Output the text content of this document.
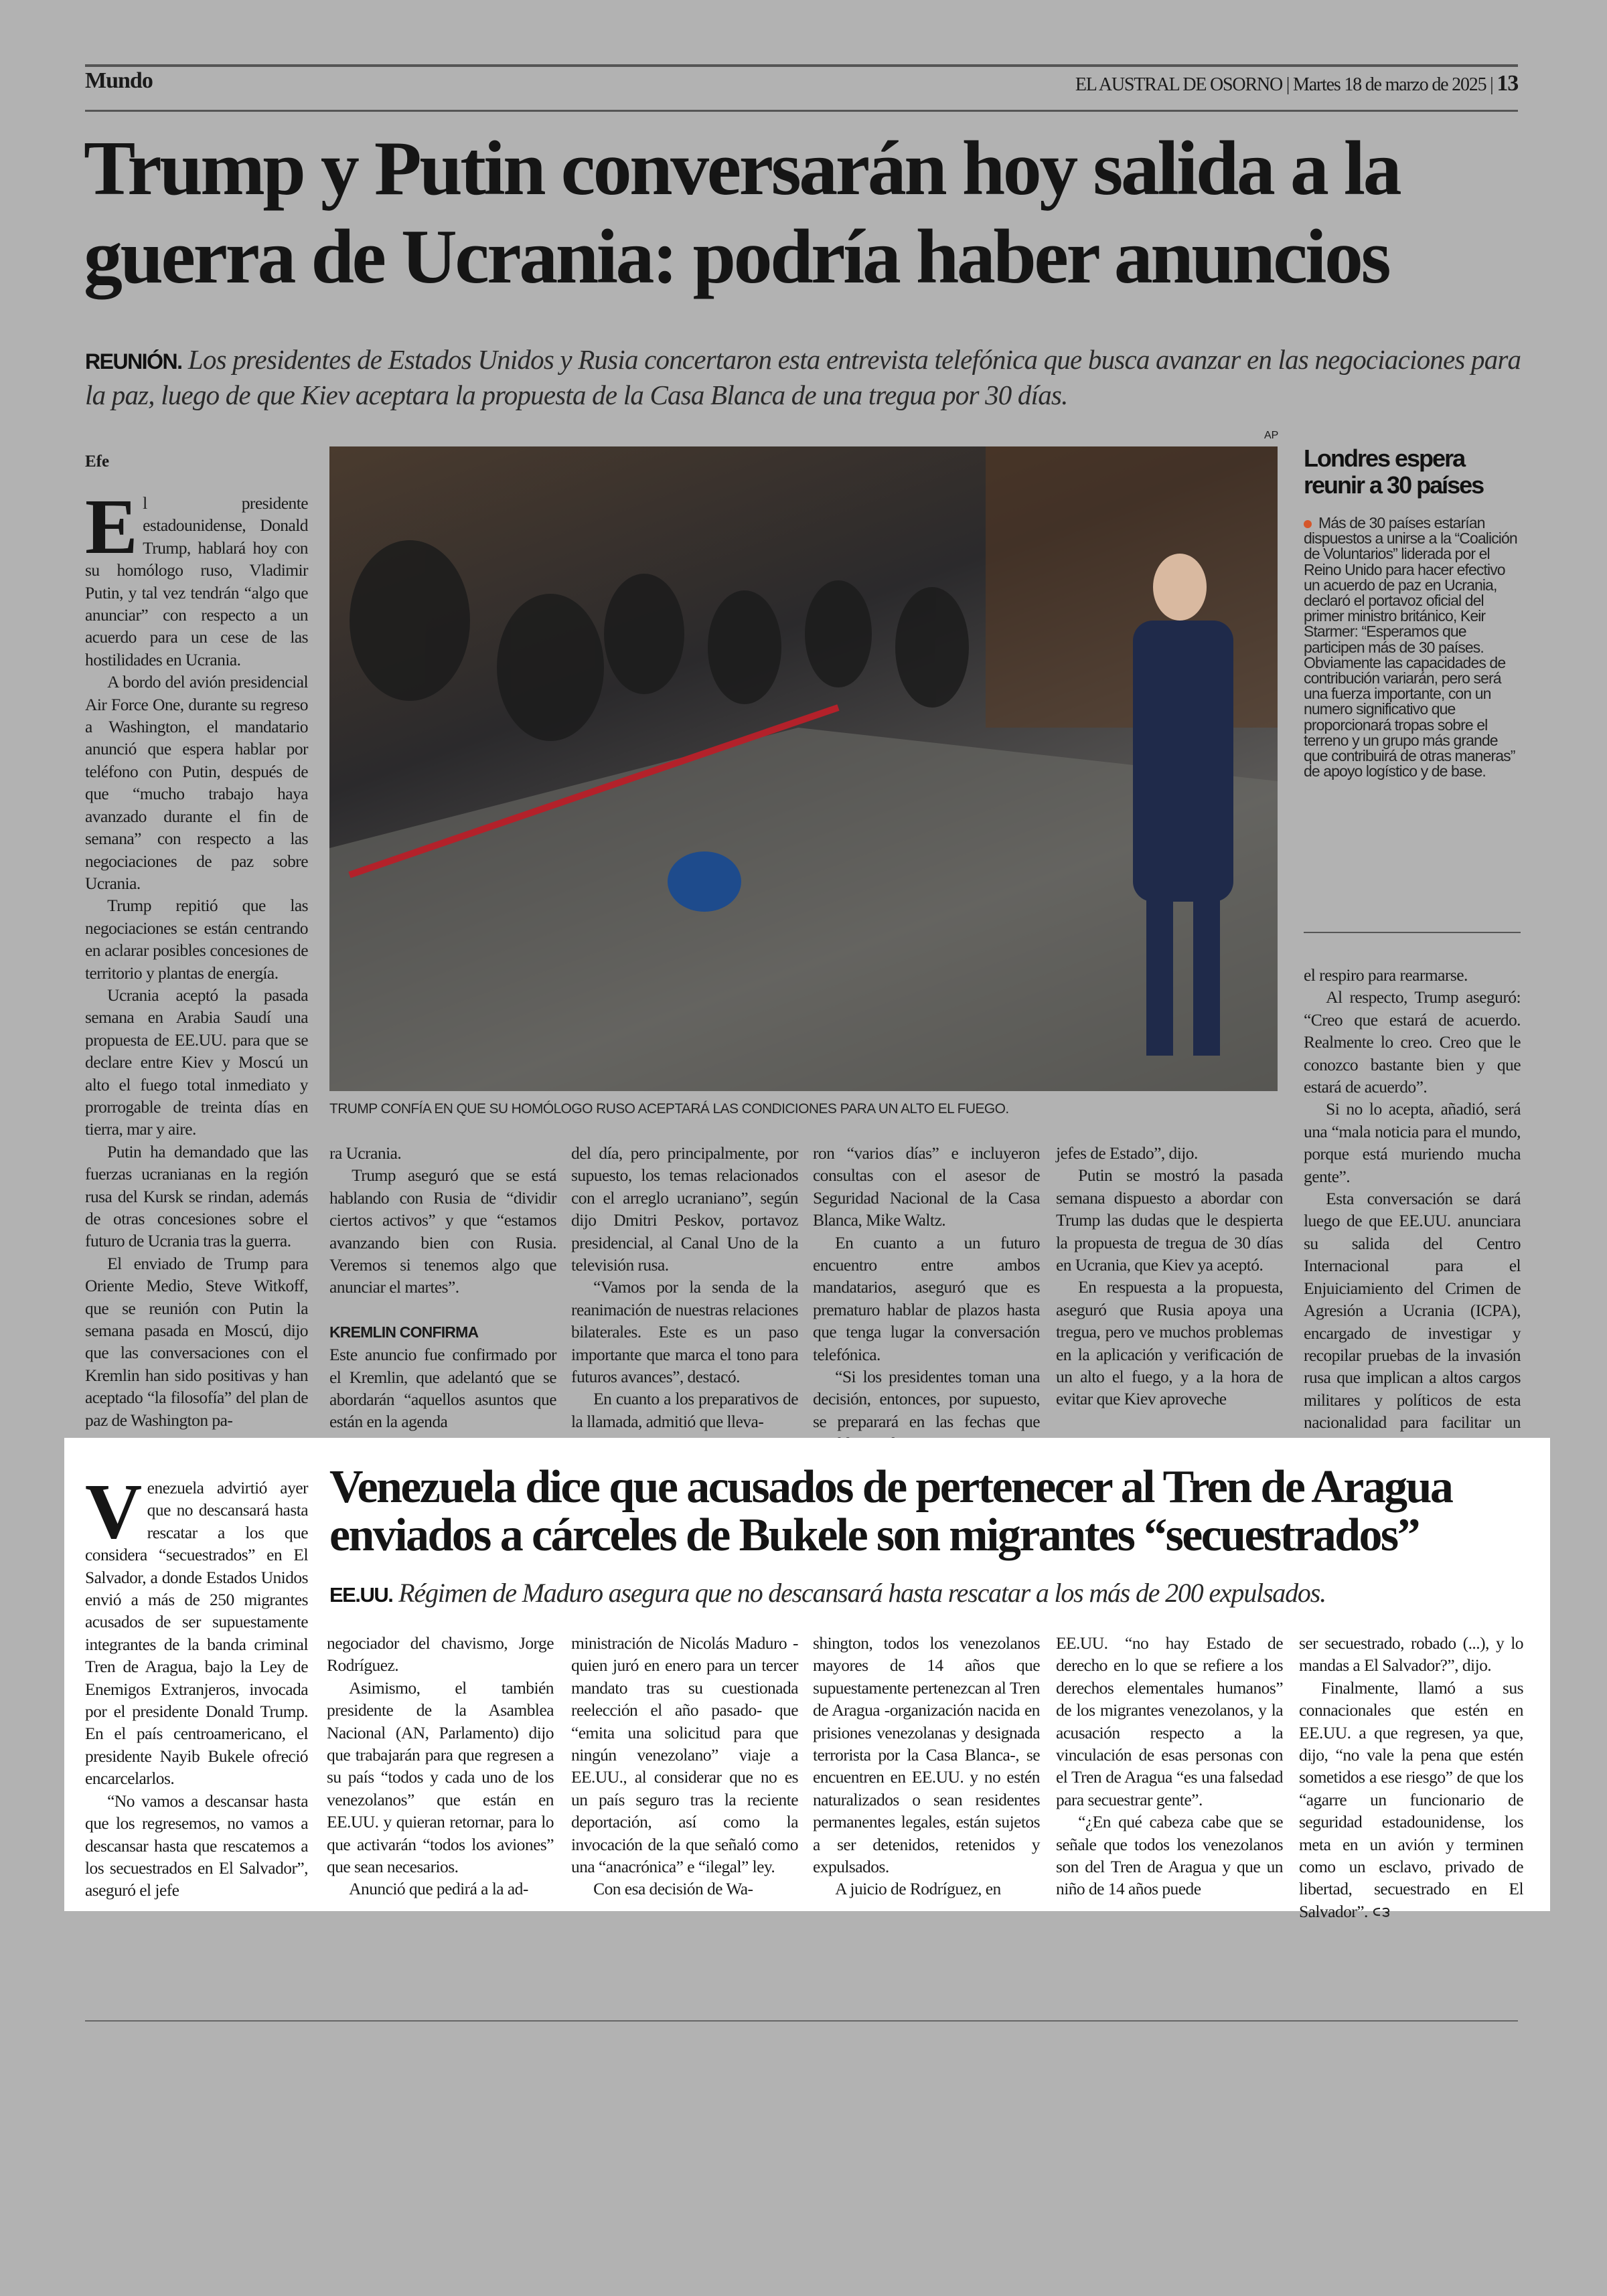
Mundo	EL AUSTRAL DE OSORNO | Martes 18 de marzo de 2025 | 13
Trump y Putin conversarán hoy salida a la guerra de Ucrania: podría haber anuncios
REUNIÓN. Los presidentes de Estados Unidos y Rusia concertaron esta entrevista telefónica que busca avanzar en las negociaciones para la paz, luego de que Kiev aceptara la propuesta de la Casa Blanca de una tregua por 30 días.
Efe

El presidente estadounidense, Donald Trump, hablará hoy con su homólogo ruso, Vladimir Putin, y tal vez tendrán “algo que anunciar” con respecto a un acuerdo para un cese de las hostilidades en Ucrania.

A bordo del avión presidencial Air Force One, durante su regreso a Washington, el mandatario anunció que espera hablar por teléfono con Putin, después de que “mucho trabajo haya avanzado durante el fin de semana” con respecto a las negociaciones de paz sobre Ucrania.

Trump repitió que las negociaciones se están centrando en aclarar posibles concesiones de territorio y plantas de energía.

Ucrania aceptó la pasada semana en Arabia Saudí una propuesta de EE.UU. para que se declare entre Kiev y Moscú un alto el fuego total inmediato y prorrogable de treinta días en tierra, mar y aire.

Putin ha demandado que las fuerzas ucranianas en la región rusa del Kursk se rindan, además de otras concesiones sobre el futuro de Ucrania tras la guerra.

El enviado de Trump para Oriente Medio, Steve Witkoff, que se reunión con Putin la semana pasada en Moscú, dijo que las conversaciones con el Kremlin han sido positivas y han aceptado “la filosofía” del plan de paz de Washington pa-

AP
TRUMP CONFÍA EN QUE SU HOMÓLOGO RUSO ACEPTARÁ LAS CONDICIONES PARA UN ALTO EL FUEGO.

ra Ucrania.

Trump aseguró que se está hablando con Rusia de “dividir ciertos activos” y que “estamos avanzando bien con Rusia. Veremos si tenemos algo que anunciar el martes”.

KREMLIN CONFIRMA

Este anuncio fue confirmado por el Kremlin, que adelantó que se abordarán “aquellos asuntos que están en la agenda

del día, pero principalmente, por supuesto, los temas relacionados con el arreglo ucraniano”, según dijo Dmitri Peskov, portavoz presidencial, al Canal Uno de la televisión rusa.

“Vamos por la senda de la reanimación de nuestras relaciones bilaterales. Este es un paso importante que marca el tono para futuros avances”, destacó.

En cuanto a los preparativos de la llamada, admitió que lleva-

ron “varios días” e incluyeron consultas con el asesor de Seguridad Nacional de la Casa Blanca, Mike Waltz.

En cuanto a un futuro encuentro entre ambos mandatarios, aseguró que es prematuro hablar de plazos hasta que tenga lugar la conversación telefónica.

“Si los presidentes toman una decisión, entonces, por supuesto, se preparará en las fechas que

jefes de Estado”, dijo.

Putin se mostró la pasada semana dispuesto a abordar con Trump las dudas que le despierta la propuesta de tregua de 30 días en Ucrania, que Kiev ya aceptó.

En respuesta a la propuesta, aseguró que Rusia apoya una tregua, pero ve muchos problemas en la aplicación y verificación de un alto el fuego, y a la hora de evitar que Kiev aproveche

Londres espera reunir a 30 países
Más de 30 países estarían dispuestos a unirse a la “Coalición de Voluntarios” liderada por el Reino Unido para hacer efectivo un acuerdo de paz en Ucrania, declaró el portavoz oficial del primer ministro británico, Keir Starmer: “Esperamos que participen más de 30 países. Obviamente las capacidades de contribución variarán, pero será una fuerza importante, con un numero significativo que proporcionará tropas sobre el terreno y un grupo más grande que contribuirá de otras maneras” de apoyo logístico y de base.

el respiro para rearmarse.

Al respecto, Trump aseguró: “Creo que estará de acuerdo. Realmente lo creo. Creo que le conozco bastante bien y que estará de acuerdo”.

Si no lo acepta, añadió, será una “mala noticia para el mundo, porque está muriendo mucha gente”.

Esta conversación se dará luego de que EE.UU. anunciara su salida del Centro Internacional para el Enjuiciamiento del Crimen de Agresión a Ucrania (ICPA), encargado de investigar y recopilar pruebas de la invasión rusa que implican a altos cargos militares y políticos de esta nacionalidad para facilitar un

Venezuela dice que acusados de pertenecer al Tren de Aragua enviados a cárceles de Bukele son migrantes “secuestrados”
EE.UU. Régimen de Maduro asegura que no descansará hasta rescatar a los más de 200 expulsados.

Venezuela advirtió ayer que no descansará hasta rescatar a los que considera “secuestrados” en El Salvador, a donde Estados Unidos envió a más de 250 migrantes acusados de ser supuestamente integrantes de la banda criminal Tren de Aragua, bajo la Ley de Enemigos Extranjeros, invocada por el presidente Donald Trump. En el país centroamericano, el presidente Nayib Bukele ofreció encarcelarlos.

“No vamos a descansar hasta que los regresemos, no vamos a descansar hasta que rescatemos a los secuestrados en El Salvador”, aseguró el jefe

negociador del chavismo, Jorge Rodríguez.

Asimismo, el también presidente de la Asamblea Nacional (AN, Parlamento) dijo que trabajarán para que regresen a su país “todos y cada uno de los venezolanos” que están en EE.UU. y quieran retornar, para lo que activarán “todos los aviones” que sean necesarios.

Anunció que pedirá a la ad-

ministración de Nicolás Maduro -quien juró en enero para un tercer mandato tras su cuestionada reelección el año pasado- que “emita una solicitud para que ningún venezolano” viaje a EE.UU., al considerar que no es un país seguro tras la reciente deportación, así como la invocación de la que señaló como una “anacrónica” e “ilegal” ley.

Con esa decisión de Wa-

shington, todos los venezolanos mayores de 14 años que supuestamente pertenezcan al Tren de Aragua -organización nacida en prisiones venezolanas y designada terrorista por la Casa Blanca-, se encuentren en EE.UU. y no estén naturalizados o sean residentes permanentes legales, están sujetos a ser detenidos, retenidos y expulsados.

A juicio de Rodríguez, en

EE.UU. “no hay Estado de derecho en lo que se refiere a los derechos elementales humanos” de los migrantes venezolanos, y la acusación respecto a la vinculación de esas personas con el Tren de Aragua “es una falsedad para secuestrar gente”.

“¿En qué cabeza cabe que se señale que todos los venezolanos son del Tren de Aragua y que un niño de 14 años puede

ser secuestrado, robado (...), y lo mandas a El Salvador?”, dijo.

Finalmente, llamó a sus connacionales que estén en EE.UU. a que regresen, ya que, dijo, “no vale la pena que estén sometidos a ese riesgo” de que los “agarre un funcionario de seguridad estadounidense, los meta en un avión y terminen como un esclavo, privado de libertad, secuestrado en El Salvador”.
